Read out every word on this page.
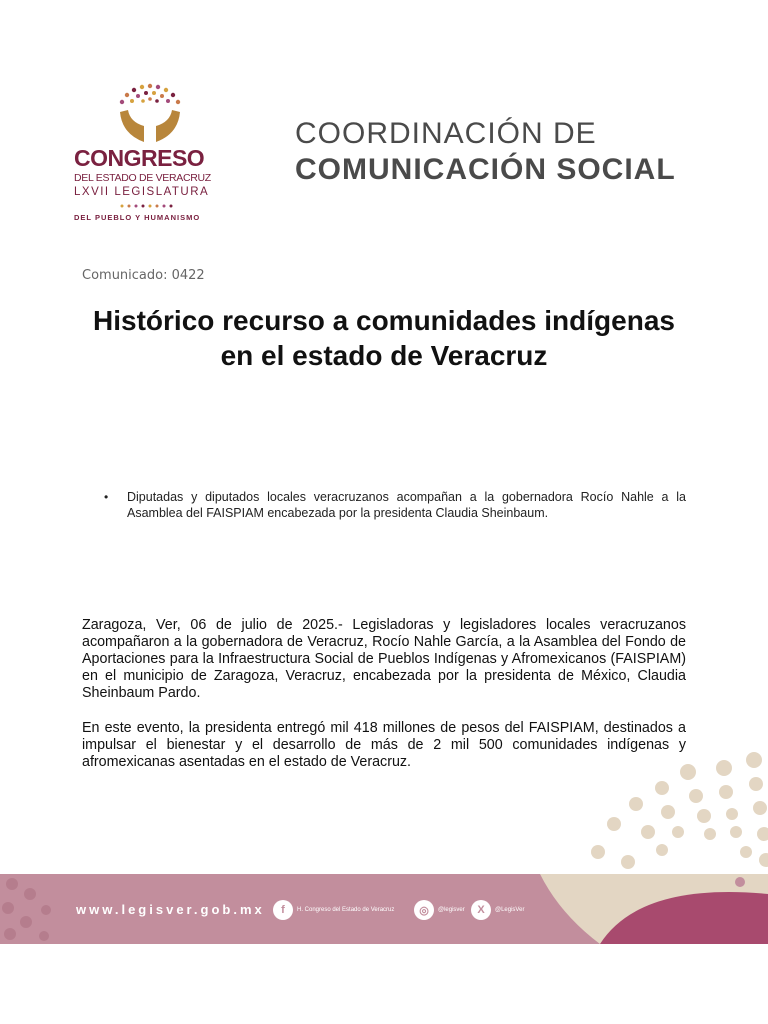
CONGRESO
DEL ESTADO DE VERACRUZ
LXVII LEGISLATURA
DEL PUEBLO Y HUMANISMO
COORDINACIÓN DE
COMUNICACIÓN SOCIAL
Comunicado: 0422
Histórico recurso a comunidades indígenas en el estado de Veracruz
• Diputadas y diputados locales veracruzanos acompañan a la gobernadora Rocío Nahle a la Asamblea del FAISPIAM encabezada por la presidenta Claudia Sheinbaum.

Zaragoza, Ver, 06 de julio de 2025.- Legisladoras y legisladores locales veracruzanos acompañaron a la gobernadora de Veracruz, Rocío Nahle García, a la Asamblea del Fondo de Aportaciones para la Infraestructura Social de Pueblos Indígenas y Afromexicanos (FAISPIAM) en el municipio de Zaragoza, Veracruz, encabezada por la presidenta de México, Claudia Sheinbaum Pardo.

En este evento, la presidenta entregó mil 418 millones de pesos del FAISPIAM, destinados a impulsar el bienestar y el desarrollo de más de 2 mil 500 comunidades indígenas y afromexicanas asentadas en el estado de Veracruz.

www.legisver.gob.mx	f	H. Congreso del Estado de Veracruz	◎	@legisver	X	@LegisVer
